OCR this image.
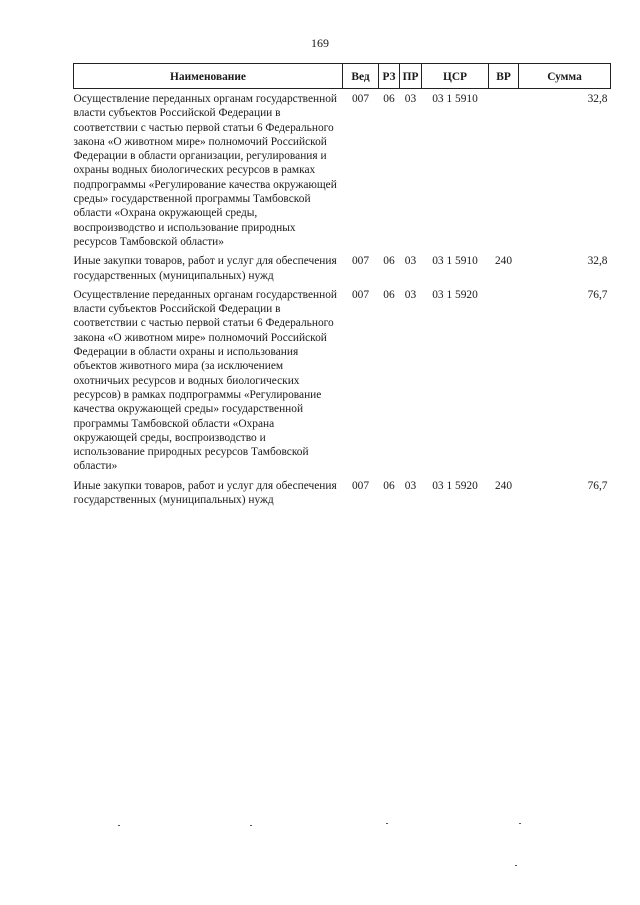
169
Наименование	Вед	РЗ	ПР	ЦСР	ВР	Сумма
Осуществление переданных органам государственной власти субъектов Российской Федерации в соответствии с частью первой статьи 6 Федерального закона «О животном мире» полномочий Российской Федерации в области организации, регулирования и охраны водных биологических ресурсов в рамках подпрограммы «Регулирование качества окружающей среды» государственной программы Тамбовской области «Охрана окружающей среды, воспроизводство и использование природных ресурсов Тамбовской области»	007	06	03	03 1 5910		32,8
Иные закупки товаров, работ и услуг для обеспечения государственных (муниципальных) нужд	007	06	03	03 1 5910	240	32,8
Осуществление переданных органам государственной власти субъектов Российской Федерации в соответствии с частью первой статьи 6 Федерального закона «О животном мире» полномочий Российской Федерации в области охраны и использования объектов животного мира (за исключением охотничьих ресурсов и водных биологических ресурсов) в рамках подпрограммы «Регулирование качества окружающей среды» государственной программы Тамбовской области «Охрана окружающей среды, воспроизводство и использование природных ресурсов Тамбовской области»	007	06	03	03 1 5920		76,7
Иные закупки товаров, работ и услуг для обеспечения государственных (муниципальных) нужд	007	06	03	03 1 5920	240	76,7
